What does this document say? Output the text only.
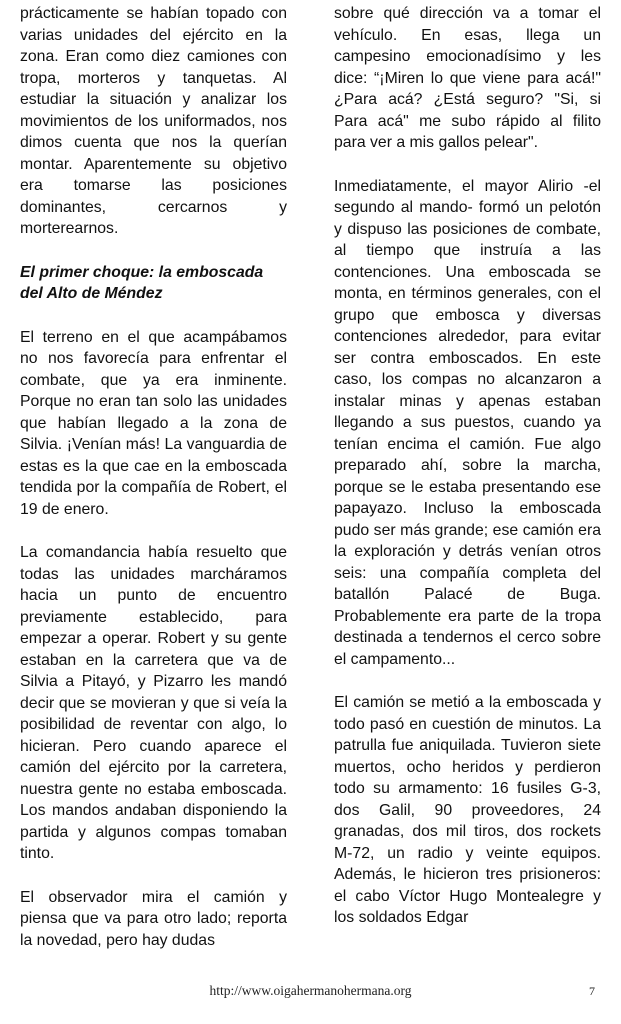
prácticamente se habían topado con varias unidades del ejército en la zona. Eran como diez camiones con tropa, morteros y tanquetas. Al estudiar la situación y analizar los movimientos de los uniformados, nos dimos cuenta que nos la querían montar. Aparentemente su objetivo era tomarse las posiciones dominantes, cercarnos y morterearnos.

El primer choque: la emboscada del Alto de Méndez

El terreno en el que acampábamos no nos favorecía para enfrentar el combate, que ya era inminente. Porque no eran tan solo las unidades que habían llegado a la zona de Silvia. ¡Venían más! La vanguardia de estas es la que cae en la emboscada tendida por la compañía de Robert, el 19 de enero.

La comandancia había resuelto que todas las unidades marcháramos hacia un punto de encuentro previamente establecido, para empezar a operar. Robert y su gente estaban en la carretera que va de Silvia a Pitayó, y Pizarro les mandó decir que se movieran y que si veía la posibilidad de reventar con algo, lo hicieran. Pero cuando aparece el camión del ejército por la carretera, nuestra gente no estaba emboscada. Los mandos andaban disponiendo la partida y algunos compas tomaban tinto.

El observador mira el camión y piensa que va para otro lado; reporta la novedad, pero hay dudas

sobre qué dirección va a tomar el vehículo. En esas, llega un campesino emocionadísimo y les dice: “¡Miren lo que viene para acá!" ¿Para acá? ¿Está seguro? "Si, si Para acá" me subo rápido al filito para ver a mis gallos pelear".

Inmediatamente, el mayor Alirio -el segundo al mando- formó un pelotón y dispuso las posiciones de combate, al tiempo que instruía a las contenciones. Una emboscada se monta, en términos generales, con el grupo que embosca y diversas contenciones alrededor, para evitar ser contra emboscados. En este caso, los compas no alcanzaron a instalar minas y apenas estaban llegando a sus puestos, cuando ya tenían encima el camión. Fue algo preparado ahí, sobre la marcha, porque se le estaba presentando ese papayazo. Incluso la emboscada pudo ser más grande; ese camión era la exploración y detrás venían otros seis: una compañía completa del batallón Palacé de Buga. Probablemente era parte de la tropa destinada a tendernos el cerco sobre el campamento...

El camión se metió a la emboscada y todo pasó en cuestión de minutos. La patrulla fue aniquilada. Tuvieron siete muertos, ocho heridos y perdieron todo su armamento: 16 fusiles G-3, dos Galil, 90 proveedores, 24 granadas, dos mil tiros, dos rockets M-72, un radio y veinte equipos. Además, le hicieron tres prisioneros: el cabo Víctor Hugo Montealegre y los soldados Edgar

http://www.oigahermanohermana.org	7
